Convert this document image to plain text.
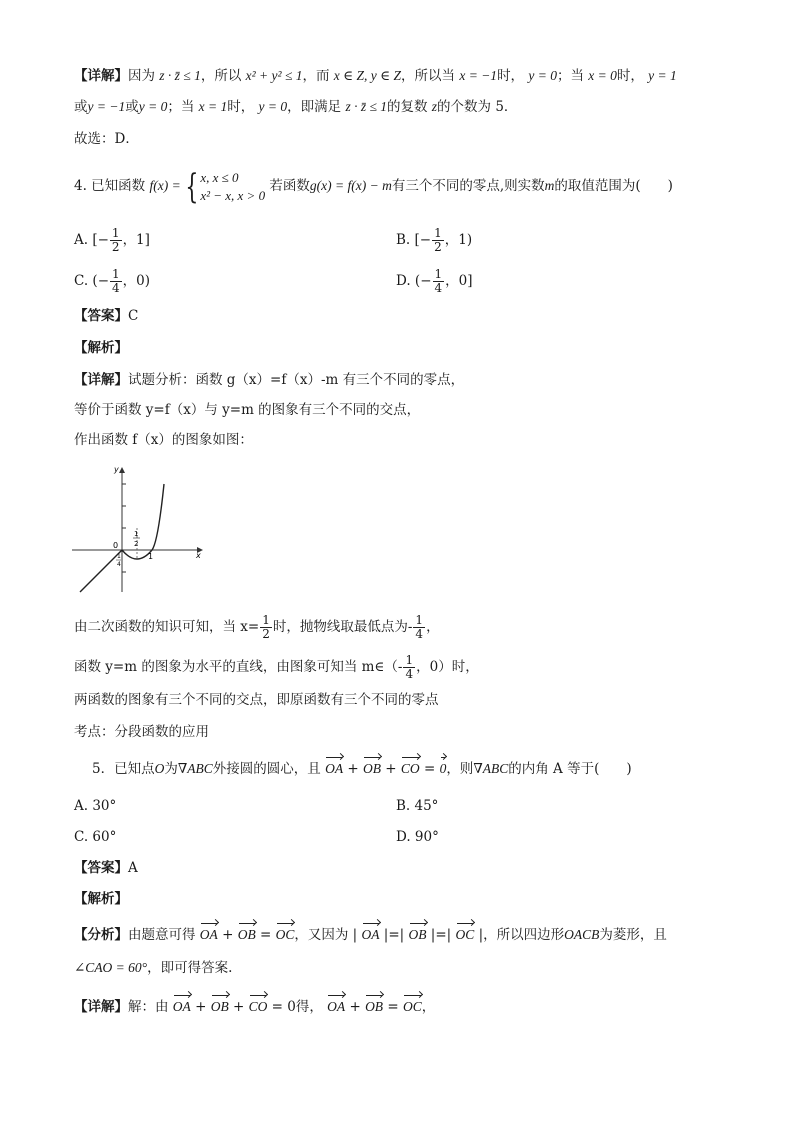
【详解】因为 z · z̄ ≤ 1，所以 x² + y² ≤ 1，而 x ∈ Z, y ∈ Z，所以当 x = −1时， y = 0；当 x = 0时， y = 1
或y = −1或y = 0；当 x = 1时， y = 0，即满足 z · z̄ ≤ 1的复数 z的个数为 5．
故选：D．
4. 已知函数 f(x) = { x, x ≤ 0
x² − x, x > 0 若函数g(x) = f(x) − m有三个不同的零点,则实数m的取值范围为(　　)
A. [− $\frac{1}{2}$ ，1]	B. [− $\frac{1}{2}$ ，1)
C. (− $\frac{1}{4}$ ，0)	D. (− $\frac{1}{4}$ ，0]
【答案】C
【解析】
【详解】试题分析：函数 g（x）=f（x）-m 有三个不同的零点，
等价于函数 y=f（x）与 y=m 的图象有三个不同的交点，
作出函数 f（x）的图象如图：
y
x
0
1
1
2
1
4
由二次函数的知识可知，当 $x= \frac{1}{2}$ 时，抛物线取最低点为- $\frac{1}{4}$ ，
函数 y=m 的图象为水平的直线，由图象可知当 m∈（- $\frac{1}{4}$ ，0）时，
两函数的图象有三个不同的交点，即原函数有三个不同的零点
考点：分段函数的应用
5．已知点O为∇ABC外接圆的圆心，且 OA + OB + CO = 0，则∇ABC的内角 A 等于(　　)
A. 30°	B. 45°
C. 60°	D. 90°
【答案】A
【解析】
【分析】由题意可得 OA + OB = OC，又因为 | OA |=| OB |=| OC |，所以四边形OACB为菱形，且
∠CAO = 60°，即可得答案.
【详解】解：由 OA + OB + CO = 0得， OA + OB = OC，
